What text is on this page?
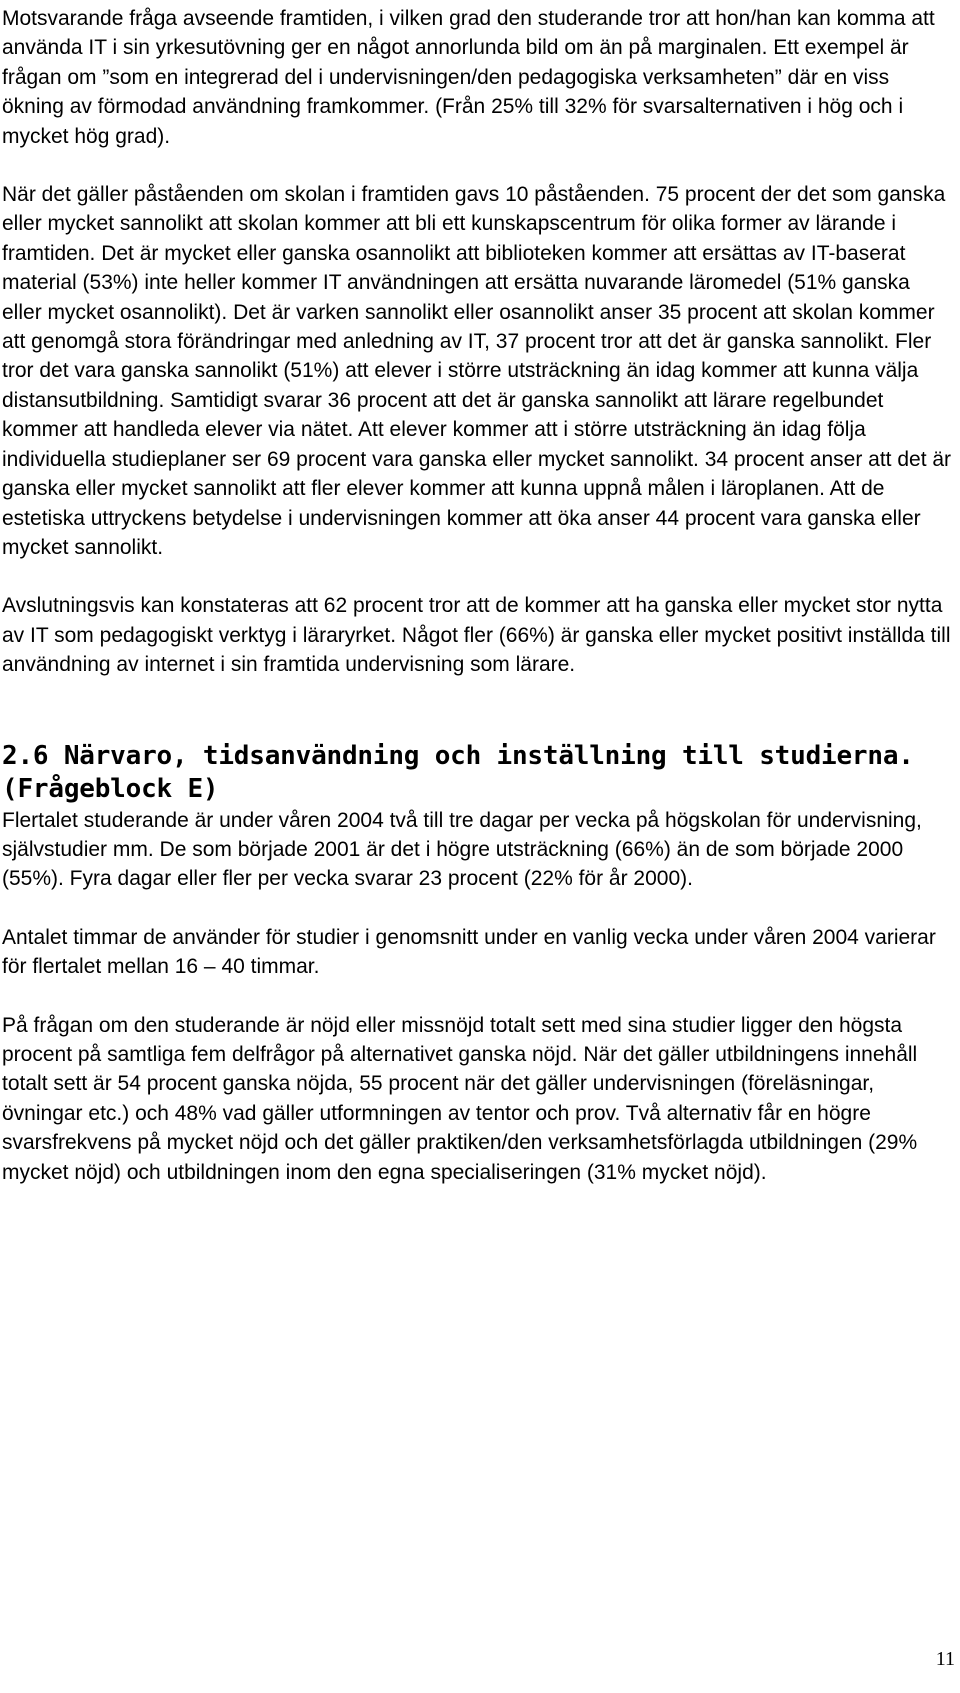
Motsvarande fråga avseende framtiden, i vilken grad den studerande tror att hon/han kan komma att använda IT i sin yrkesutövning ger en något annorlunda bild om än på marginalen. Ett exempel är frågan om ”som en integrerad del i undervisningen/den pedagogiska verksamheten” där en viss ökning av förmodad användning framkommer. (Från 25% till 32% för svarsalternativen i hög och i mycket hög grad).

När det gäller påståenden om skolan i framtiden gavs 10 påståenden. 75 procent der det som ganska eller mycket sannolikt att skolan kommer att bli ett kunskapscentrum för olika former av lärande i framtiden. Det är mycket eller ganska osannolikt att biblioteken kommer att ersättas av IT-baserat material (53%) inte heller kommer IT användningen att ersätta nuvarande läromedel (51% ganska eller mycket osannolikt). Det är varken sannolikt eller osannolikt anser 35 procent att skolan kommer att genomgå stora förändringar med anledning av IT, 37 procent tror att det är ganska sannolikt. Fler tror det vara ganska sannolikt (51%) att elever i större utsträckning än idag kommer att kunna välja distansutbildning. Samtidigt svarar 36 procent att det är ganska sannolikt att lärare regelbundet kommer att handleda elever via nätet. Att elever kommer att i större utsträckning än idag följa individuella studieplaner ser 69 procent vara ganska eller mycket sannolikt. 34 procent anser att det är ganska eller mycket sannolikt att fler elever kommer att kunna uppnå målen i läroplanen. Att de estetiska uttryckens betydelse i undervisningen kommer att öka anser 44 procent vara ganska eller mycket sannolikt.

Avslutningsvis kan konstateras att 62 procent tror att de kommer att ha ganska eller mycket stor nytta av IT som pedagogiskt verktyg i läraryrket. Något fler (66%) är ganska eller mycket positivt inställda till användning av internet i sin framtida undervisning som lärare.

2.6 Närvaro, tidsanvändning och inställning till studierna.
(Frågeblock E)

Flertalet studerande är under våren 2004 två till tre dagar per vecka på högskolan för undervisning, självstudier mm. De som började 2001 är det i högre utsträckning (66%) än de som började 2000 (55%). Fyra dagar eller fler per vecka svarar 23 procent (22% för år 2000).

Antalet timmar de använder för studier i genomsnitt under en vanlig vecka under våren 2004 varierar för flertalet mellan 16 – 40 timmar.

På frågan om den studerande är nöjd eller missnöjd totalt sett med sina studier ligger den högsta procent på samtliga fem delfrågor på alternativet ganska nöjd. När det gäller utbildningens innehåll totalt sett är 54 procent ganska nöjda, 55 procent när det gäller undervisningen (föreläsningar, övningar etc.) och 48% vad gäller utformningen av tentor och prov. Två alternativ får en högre svarsfrekvens på mycket nöjd och det gäller praktiken/den verksamhetsförlagda utbildningen (29% mycket nöjd) och utbildningen inom den egna specialiseringen (31% mycket nöjd).

11
